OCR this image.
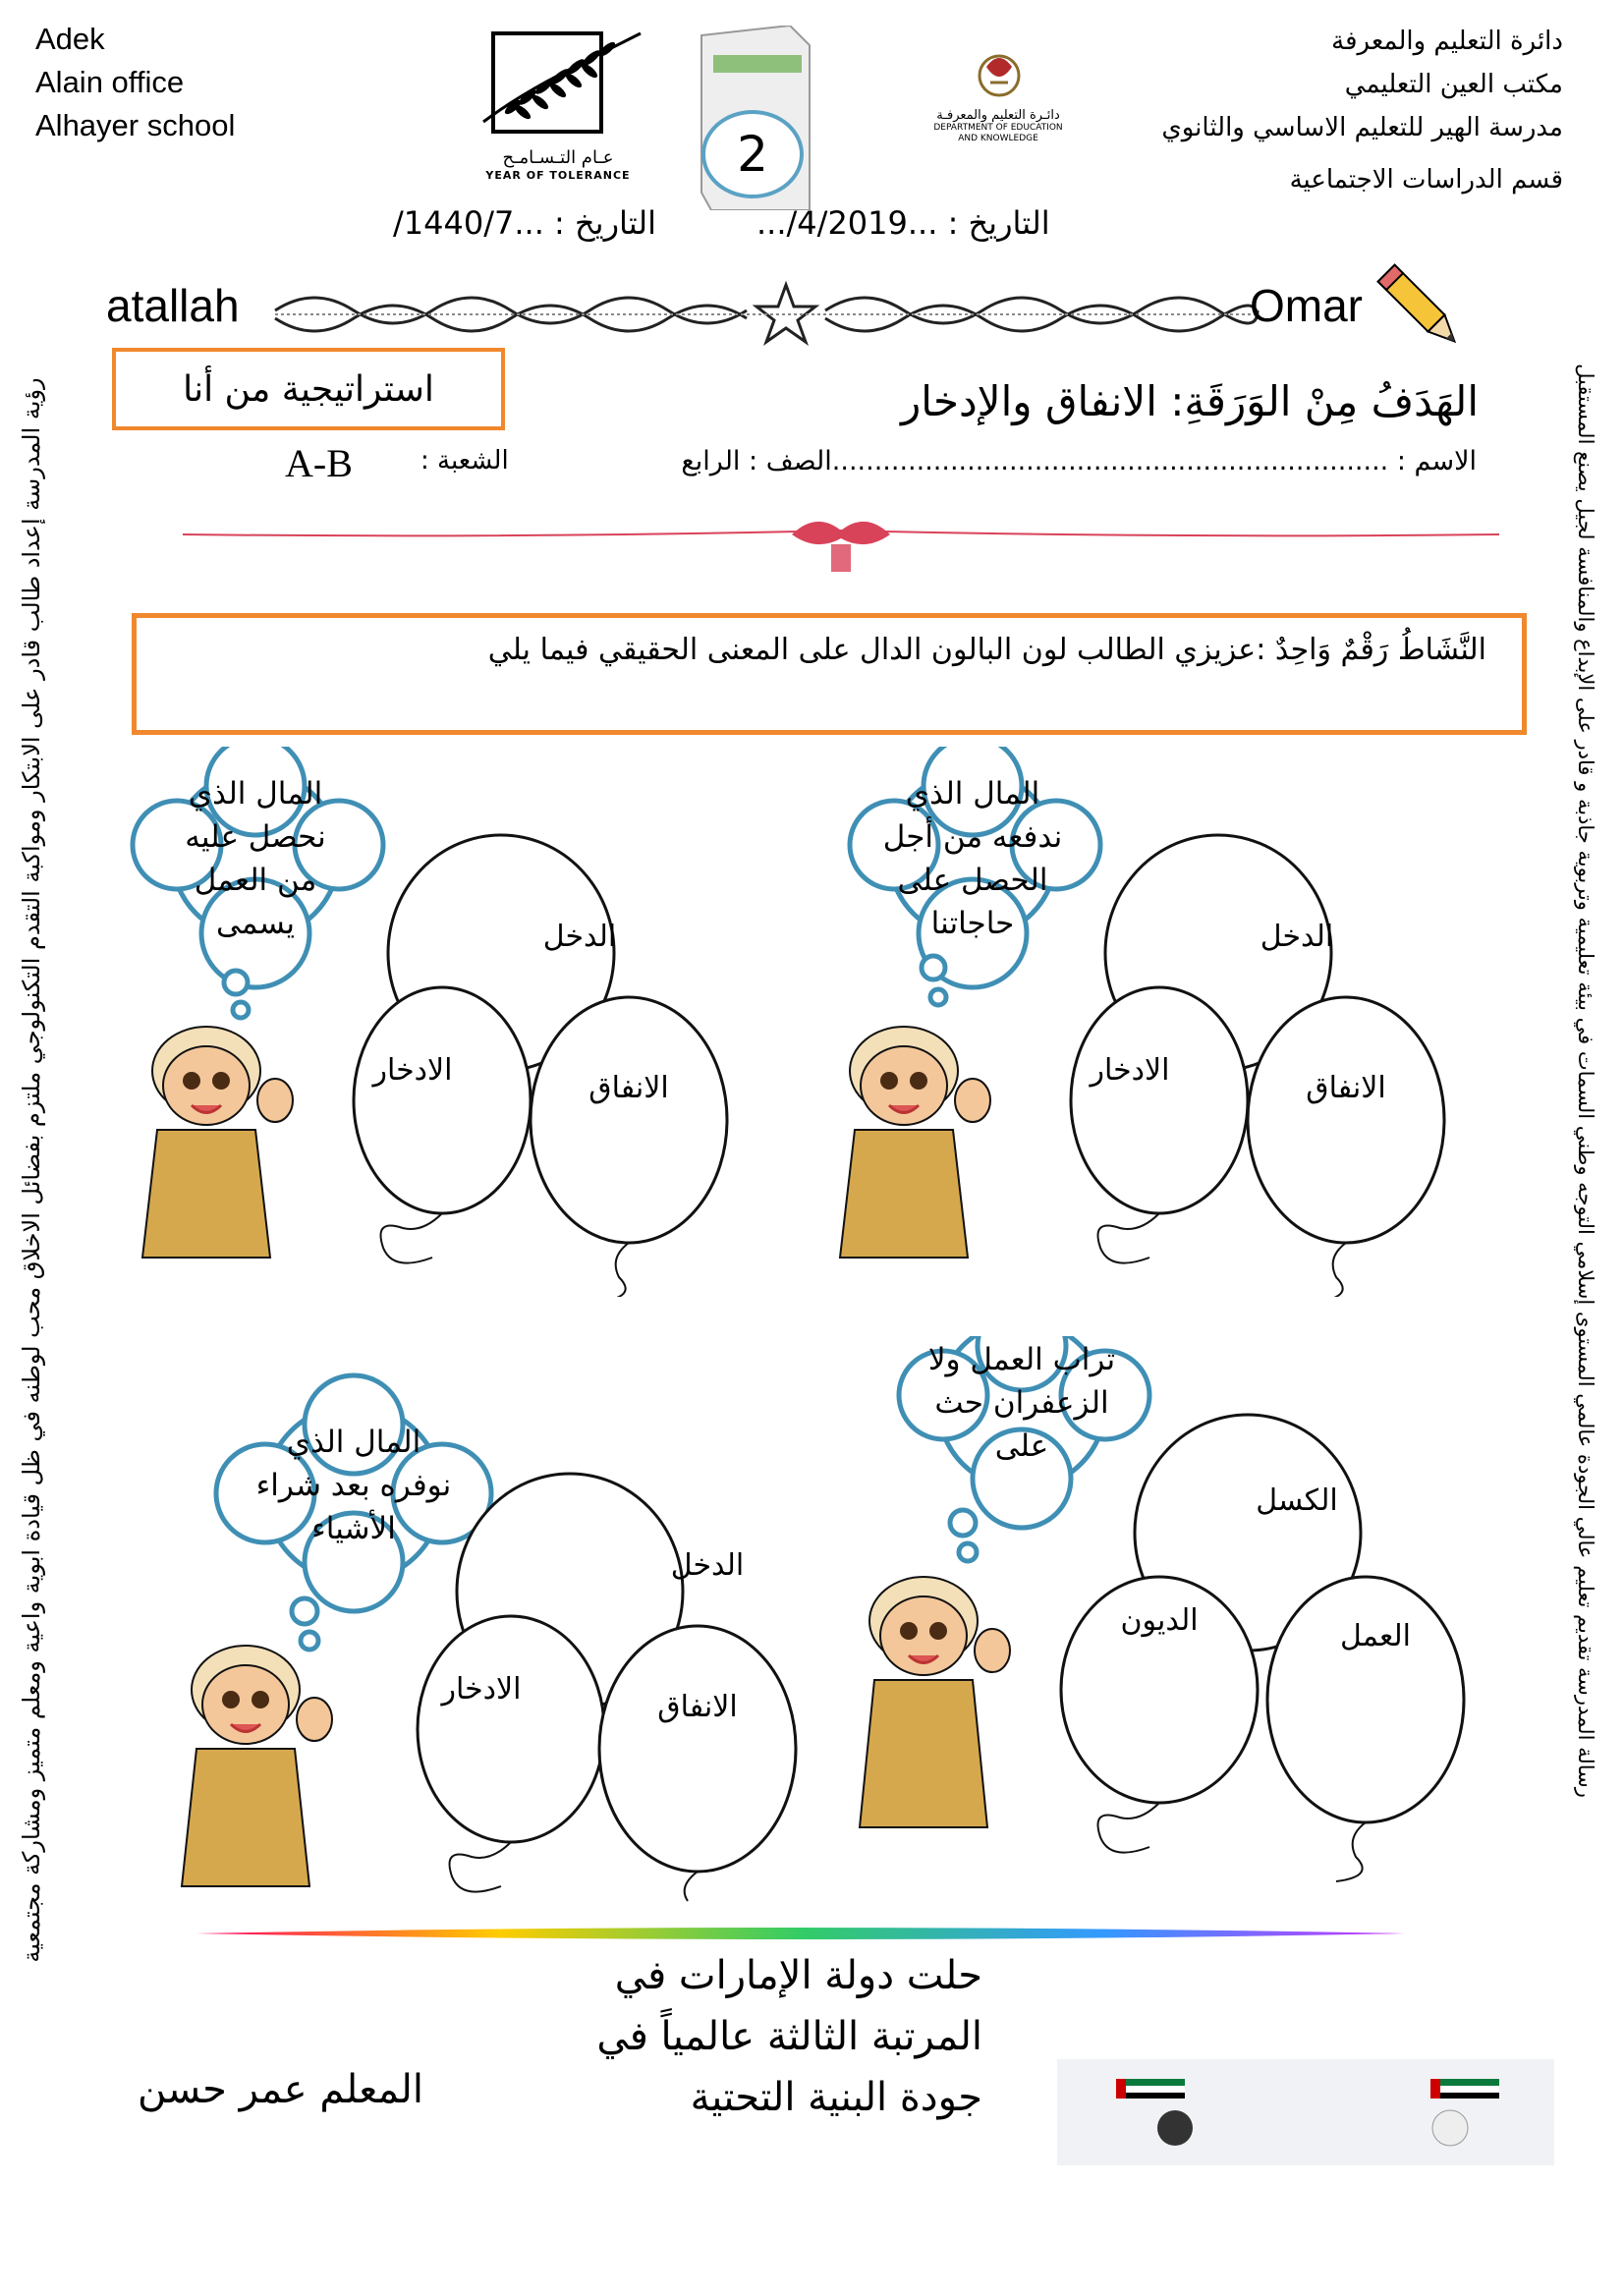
رؤية المدرسة إعداد طالب قادر على الابتكار ومواكبة التقدم التكنولوجي ملتزم بفضائل الاخلاق محب لوطنه في ظل قيادة ابوية واعية ومعلم متميز ومشاركة مجتمعية	رسالة المدرسة تقديم تعليم عالي الجودة عالمي المستوى إسلامي التوجه وطني السمات في بيئة تعليمية وتربوية جاذبة و قادر على الإبداع والمنافسة لجيل يصنع المستقبل
Adek
Alain office
Alhayer school
دائرة التعليم والمعرفة
مكتب العين التعليمي
مدرسة الهير للتعليم الاساسي والثانوي
قسم الدراسات الاجتماعية
عـام التـسـامـح
YEAR OF TOLERANCE	2
دائـرة التعليم والمعرفـة
DEPARTMENT OF EDUCATION
AND KNOWLEDGE
التاريخ : ...1440/7/	التاريخ : ...4/2019/...
atallah	Omar
استراتيجية من أنا	الهَدَفُ مِنْ الوَرَقَةِ: الانفاق والإدخار
الاسم : ..................................................................الصف : الرابع
الشعبة :
A-B
النَّشَاطُ رَقْمٌ وَاحِدٌ :عزيزي الطالب لون البالون الدال على المعنى الحقيقي فيما يلي
المال الذي
ندفعه من أجل
الحصل على
حاجاتنا	الدخل
الادخار
الانفاق
المال الذي
نحصل عليه
من العمل
يسمى	الدخل
الادخار
الانفاق
تراب العمل ولا
الزعفران حث
على
الكسل
الديون	العمل
المال الذي
نوفره بعد شراء
الأشياء
الدخل
الادخار
الانفاق
حلت دولة الإمارات في
المرتبة الثالثة عالمياً في
جودة البنية التحتية
المعلم عمر حسن
